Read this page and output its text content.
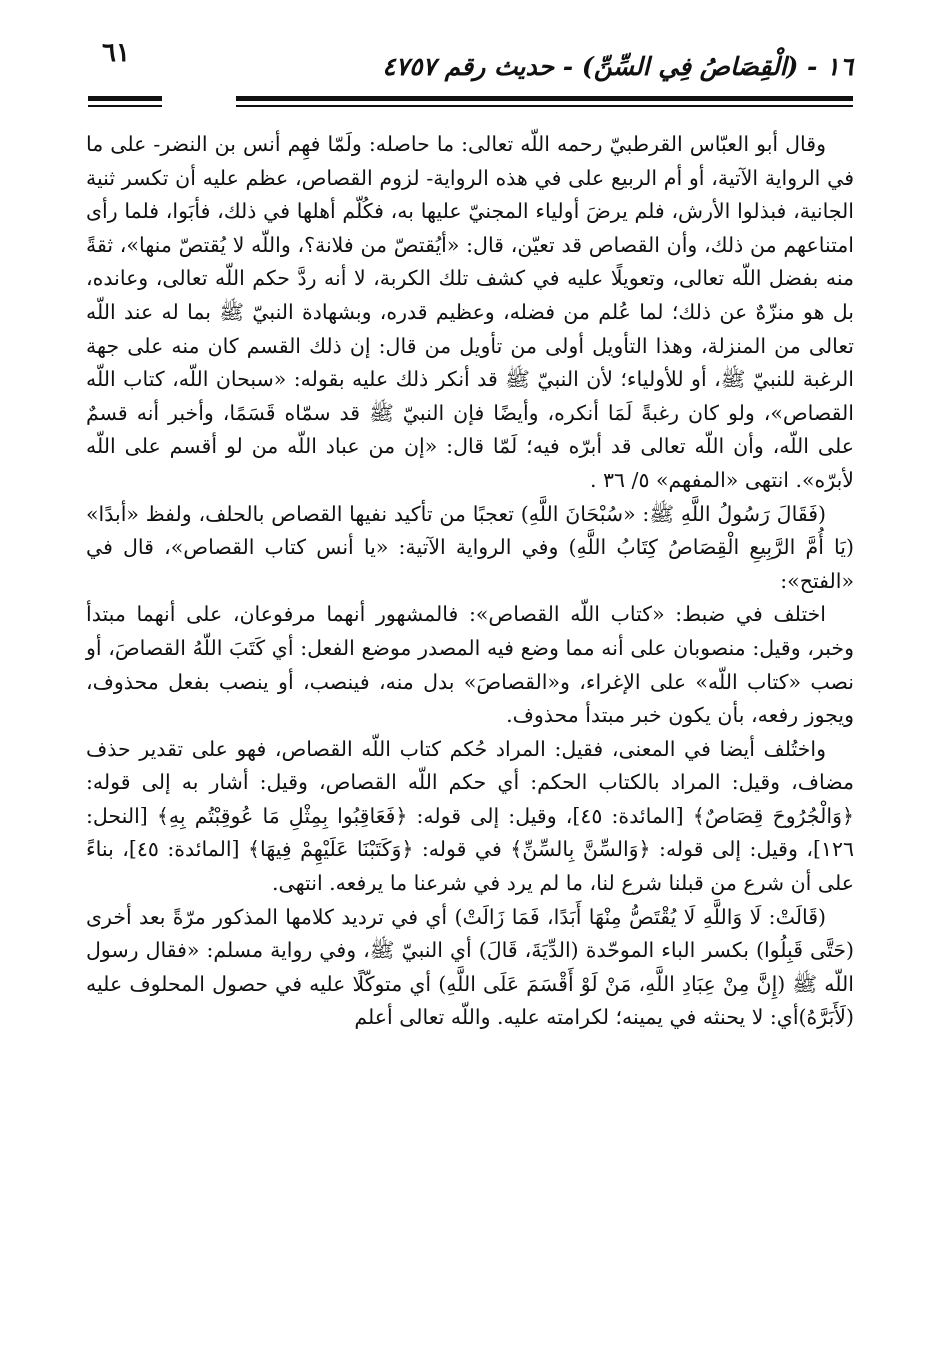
١٦ - (الْقِصَاصُ فِي السِّنِّ) - حديث رقم ٤٧٥٧
٦١

وقال أبو العبّاس القرطبيّ رحمه اللّه تعالى: ما حاصله: ولَمّا فهِم أنس بن النضر- على ما في الرواية الآتية، أو أم الربيع على في هذه الرواية- لزوم القصاص، عظم عليه أن تكسر ثنية الجانية، فبذلوا الأرش، فلم يرضَ أولياء المجنيّ عليها به، فكُلّم أهلها في ذلك، فأبَوا، فلما رأى امتناعهم من ذلك، وأن القصاص قد تعيّن، قال: «أيُقتصّ من فلانة؟، واللّه لا يُقتصّ منها»، ثقةً منه بفضل اللّه تعالى، وتعويلًا عليه في كشف تلك الكربة، لا أنه ردَّ حكم اللّه تعالى، وعانده، بل هو منزّهٌ عن ذلك؛ لما عُلم من فضله، وعظيم قدره، وبشهادة النبيّ ﷺ بما له عند اللّه تعالى من المنزلة، وهذا التأويل أولى من تأويل من قال: إن ذلك القسم كان منه على جهة الرغبة للنبيّ ﷺ، أو للأولياء؛ لأن النبيّ ﷺ قد أنكر ذلك عليه بقوله: «سبحان اللّه، كتاب اللّه القصاص»، ولو كان رغبةً لَمَا أنكره، وأيضًا فإن النبيّ ﷺ قد سمّاه قَسَمًا، وأخبر أنه قسمٌ على اللّه، وأن اللّه تعالى قد أبرّه فيه؛ لَمّا قال: «إن من عباد اللّه من لو أقسم على اللّه لأبرّه». انتهى «المفهم» ٥/ ٣٦ .

(فَقَالَ رَسُولُ اللَّهِ ﷺ: «سُبْحَانَ اللَّهِ) تعجبًا من تأكيد نفيها القصاص بالحلف، ولفظ «أبدًا» (يَا أُمَّ الرَّبِيعِ الْقِصَاصُ كِتَابُ اللَّهِ) وفي الرواية الآتية: «يا أنس كتاب القصاص»، قال في «الفتح»:

اختلف في ضبط: «كتاب اللّه القصاص»: فالمشهور أنهما مرفوعان، على أنهما مبتدأ وخبر، وقيل: منصوبان على أنه مما وضع فيه المصدر موضع الفعل: أي كَتَبَ اللّهُ القصاصَ، أو نصب «كتاب اللّه» على الإغراء، و«القصاصَ» بدل منه، فينصب، أو ينصب بفعل محذوف، ويجوز رفعه، بأن يكون خبر مبتدأ محذوف.

واختُلف أيضا في المعنى، فقيل: المراد حُكم كتاب اللّه القصاص، فهو على تقدير حذف مضاف، وقيل: المراد بالكتاب الحكم: أي حكم اللّه القصاص، وقيل: أشار به إلى قوله: ﴿وَالْجُرُوحَ قِصَاصٌ﴾ [المائدة: ٤٥]، وقيل: إلى قوله: ﴿فَعَاقِبُوا بِمِثْلِ مَا عُوقِبْتُم بِهِ﴾ [النحل: ١٢٦]، وقيل: إلى قوله: ﴿وَالسِّنَّ بِالسِّنِّ﴾ في قوله: ﴿وَكَتَبْنَا عَلَيْهِمْ فِيهَا﴾ [المائدة: ٤٥]، بناءً على أن شرع من قبلنا شرع لنا، ما لم يرد في شرعنا ما يرفعه. انتهى.

(قَالَتْ: لَا وَاللَّهِ لَا يُقْتَصُّ مِنْهَا أَبَدًا، فَمَا زَالَتْ) أي في ترديد كلامها المذكور مرّةً بعد أخرى (حَتَّى قَبِلُوا) بكسر الباء الموحّدة (الدِّيَةَ، قَالَ) أي النبيّ ﷺ، وفي رواية مسلم: «فقال رسول اللّه ﷺ (إِنَّ مِنْ عِبَادِ اللَّهِ، مَنْ لَوْ أَقْسَمَ عَلَى اللَّهِ) أي متوكّلًا عليه في حصول المحلوف عليه (لَأَبَرَّهُ)أي: لا يحنثه في يمينه؛ لكرامته عليه. واللّه تعالى أعلم
